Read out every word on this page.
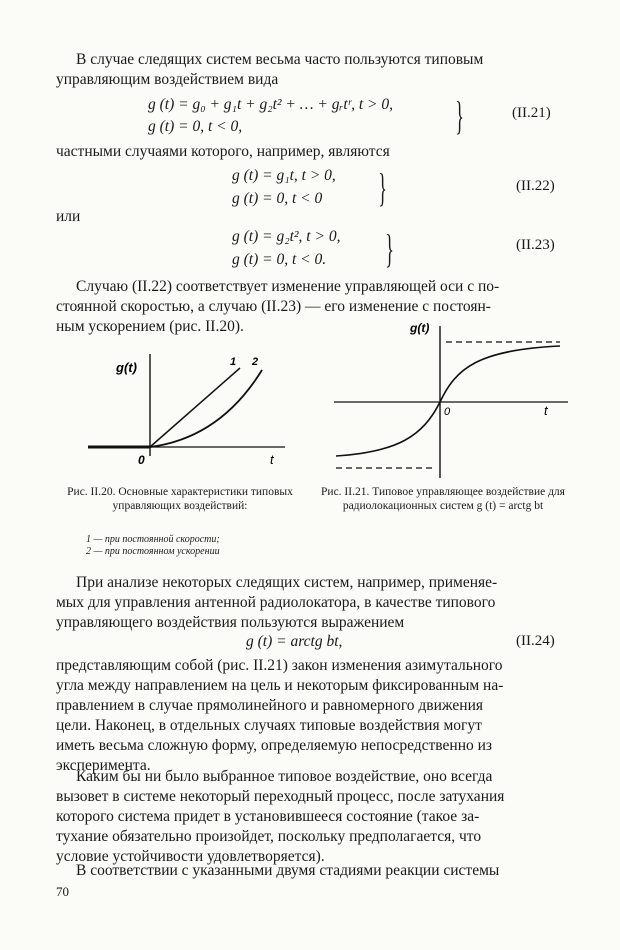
В случае следящих систем весьма часто пользуются типовым
управляющим воздействием вида
g (t) = g₀ + g₁t + g₂t² + … + gᵣtʳ, t > 0,
g (t) = 0, t < 0,	}	(II.21)
частными случаями которого, например, являются
g (t) = g₁t, t > 0,
g (t) = 0, t < 0 }	(II.22)
или
g (t) = g₂t², t > 0,
g (t) = 0, t < 0. }	(II.23)
Случаю (II.22) соответствует изменение управляющей оси с по-
стоянной скоростью, а случаю (II.23) — его изменение с постоян-
ным ускорением (рис. II.20).
g(t)
t
0
1 2
Рис. II.20. Основные характеристики типовых управляющих воздействий:
1 — при постоянной скорости;
2 — при постоянном ускорении
g(t)
t
0
Рис. II.21. Типовое управляющее воздействие для радиолокационных систем g (t) = arctg bt
При анализе некоторых следящих систем, например, применяе-
мых для управления антенной радиолокатора, в качестве типового
управляющего воздействия пользуются выражением
g (t) = arctg bt,	(II.24)
представляющим собой (рис. II.21) закон изменения азимутального
угла между направлением на цель и некоторым фиксированным на-
правлением в случае прямолинейного и равномерного движения
цели. Наконец, в отдельных случаях типовые воздействия могут
иметь весьма сложную форму, определяемую непосредственно из
эксперимента.
Каким бы ни было выбранное типовое воздействие, оно всегда
вызовет в системе некоторый переходный процесс, после затухания
которого система придет в установившееся состояние (такое за-
тухание обязательно произойдет, поскольку предполагается, что
условие устойчивости удовлетворяется).
70
В соответствии с указанными двумя стадиями реакции системы
